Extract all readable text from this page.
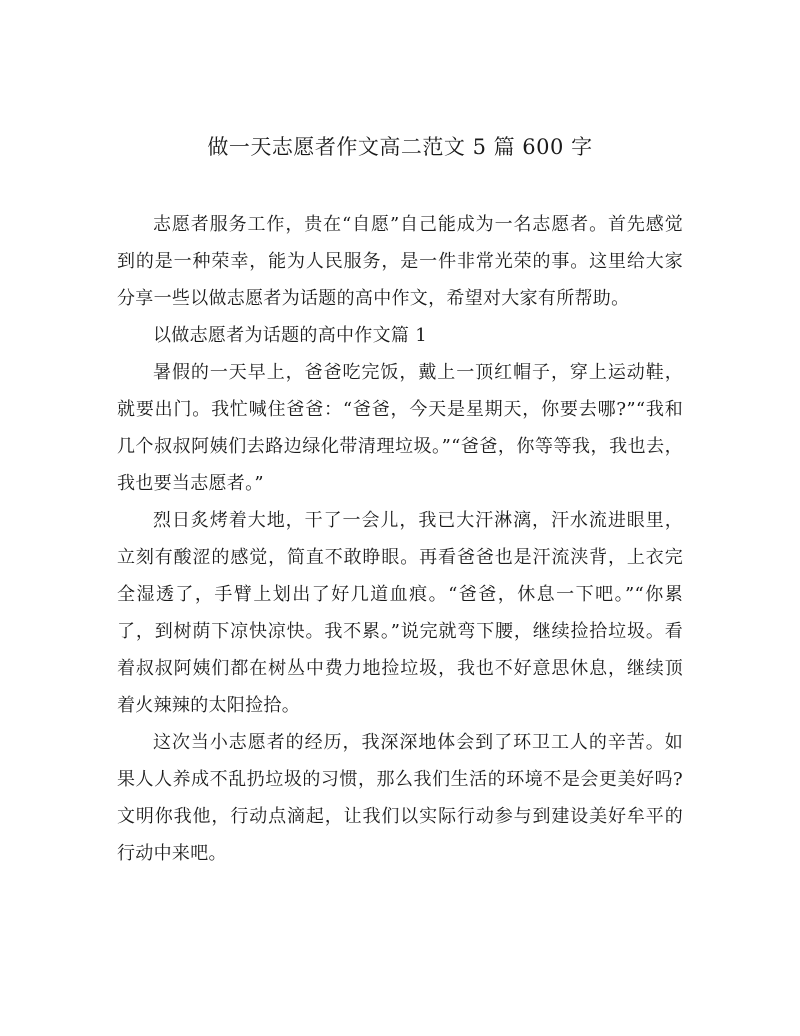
做一天志愿者作文高二范文 5 篇 600 字

志愿者服务工作，贵在“自愿”自己能成为一名志愿者。首先感觉到的是一种荣幸，能为人民服务，是一件非常光荣的事。这里给大家分享一些以做志愿者为话题的高中作文，希望对大家有所帮助。

以做志愿者为话题的高中作文篇 1

暑假的一天早上，爸爸吃完饭，戴上一顶红帽子，穿上运动鞋，就要出门。我忙喊住爸爸：“爸爸，今天是星期天，你要去哪?”“我和几个叔叔阿姨们去路边绿化带清理垃圾。”“爸爸，你等等我，我也去，我也要当志愿者。”

烈日炙烤着大地，干了一会儿，我已大汗淋漓，汗水流进眼里，立刻有酸涩的感觉，简直不敢睁眼。再看爸爸也是汗流浃背，上衣完全湿透了，手臂上划出了好几道血痕。“爸爸，休息一下吧。”“你累了，到树荫下凉快凉快。我不累。”说完就弯下腰，继续捡拾垃圾。看着叔叔阿姨们都在树丛中费力地捡垃圾，我也不好意思休息，继续顶着火辣辣的太阳捡拾。

这次当小志愿者的经历，我深深地体会到了环卫工人的辛苦。如果人人养成不乱扔垃圾的习惯，那么我们生活的环境不是会更美好吗?文明你我他，行动点滴起，让我们以实际行动参与到建设美好牟平的行动中来吧。
